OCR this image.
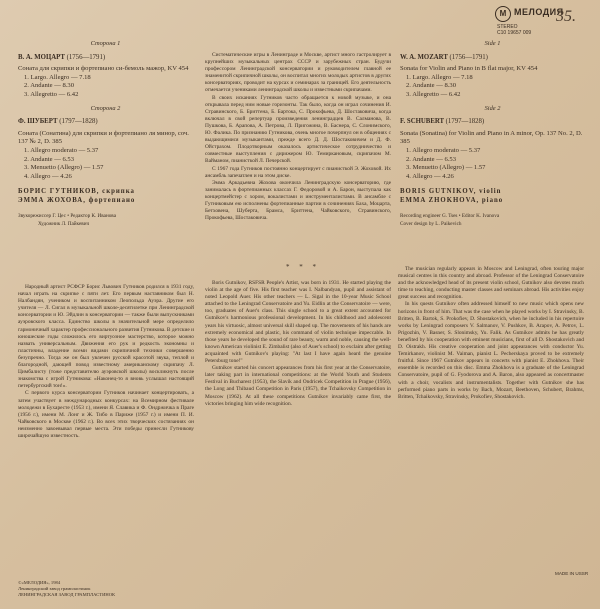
М МЕЛОДИЯ
STEREO
С10 19657 009
35.
Сторона 1
В. А. МОЦАРТ (1756—1791)
Соната для скрипки и фортепиано си-бемоль мажор, KV 454
1. Largo. Allegro — 7.18
2. Andante — 8.30
3. Allegretto — 6.42
Сторона 2
Ф. ШУБЕРТ (1797—1828)
Соната (Сонатина) для скрипки и фортепиано ля минор, соч. 137 № 2, D. 385
1. Allegro moderato — 5.37
2. Andante — 6.53
3. Menuetto (Allegro) — 1.57
4. Allegro — 4.26
БОРИС ГУТНИКОВ, скрипка
ЭММА ЖОХОВА, фортепиано
Звукорежиссер Г. Цес • Редактор К. Иванова
Художник Л. Пайкевич

Систематические игры в Ленинграде и Москве, артист много гастролирует в крупнейших музыкальных центрах СССР и зарубежных стран. Будучи профессором Ленинградской консерватории и руководителем главной ее знаменитой скрипичной школы, он воспитал многих молодых артистов в других консерваториях, проводит на курсах и семинарах за границей. Его деятельность отмечается учениками ленинградской школы и известными скрипачами.

В своих исканиях Гутников часто обращается к новой музыке, и она открывала перед ним новые горизонты. Так было, когда он играл сочинения И. Стравинского, Б. Бриттена, Б. Бартока, С. Прокофьева, Д. Шостаковича, когда включал в свой репертуар произведения ленинградцев В. Салманова, В. Пушкова, Б. Арапова, А. Петрова, Л. Пригожина, В. Баснера, С. Слонимского, Ю. Фалика. По признанию Гутникова, очень многое почерпнул он в общениях с выдающимися музыкантами, прежде всего Д. Д. Шостаковичем и Д. Ф. Ойстрахом. Плодотворным оказалось артистическое сотрудничество и совместные выступления с дирижером Ю. Темиркановым, скрипачом М. Вайманом, пианисткой Л. Печерской.

С 1967 года Гутников постоянно концертирует с пианисткой Э. Жоховой. Их ансамбль запечатлен и на этом диске.

Эмма Аркадьевна Жохова окончила Ленинградскую консерваторию, где занималась в фортепианных классах Г. Федоровой и А. Барон, выступала как концертмейстер с хором, вокалистами и инструменталистами. В ансамбле с Гутниковым ею исполнены фортепианные партии в сочинениях Баха, Моцарта, Бетховена, Шуберта, Брамса, Бриттена, Чайковского, Стравинского, Прокофьева, Шостаковича.

Side 1
W. A. MOZART (1756—1791)
Sonata for Violin and Piano in B flat major, KV 454
1. Largo. Allegro — 7.18
2. Andante — 8.30
3. Allegretto — 6.42
Side 2
F. SCHUBERT (1797—1828)
Sonata (Sonatina) for Violin and Piano in A minor, Op. 137 No. 2, D. 385
1. Allegro moderato — 5.37
2. Andante — 6.53
3. Menuetto (Allegro) — 1.57
4. Allegro — 4.26
BORIS GUTNIKOV, violin
EMMA ZHOKHOVA, piano
Recording engineer G. Tses • Editor K. Ivanova
Cover design by L. Paikevich

Народный артист РСФСР Борис Львович Гутников родился в 1931 году, начал играть на скрипке с пяти лет. Его первым наставником был Н. Налбандян, учеником и воспитанником Леопольда Ауэра. Другие его учителя — Л. Сигал в музыкальной школе-десятилетке при Ленинградской консерватории и Ю. Эйдлин в консерватории — также были выпускниками ауэровского класса. Единство школы в значительной мере определило гармоничный характер профессионального развития Гутникова. В детские и юношеские годы сложилось его виртуозное мастерство, которое можно назвать универсальным. Движения его рук и редкость экономны и пластичны, владение всеми видами скрипичной техники совершенно безупречно. Тогда же он был увлечен русской красотой звука, теплой и благородной, дающей повод известному американскому скрипачу Л. Цимбалисту (тоже представителю ауэровской школы) воскликнуть после знакомства с игрой Гутникова: «Наконец-то я вновь услышал настоящий петербургский тон!».

С первого курса консерватории Гутников начинает концертировать, а затем участвует в международных конкурсах: на Всемирном фестивале молодежи в Бухаресте (1953 г.), имени Я. Славика и Ф. Ондржичка в Праге (1956 г.), имени М. Лонг и Ж. Тибо в Париже (1957 г.) и имени П. И. Чайковского в Москве (1962 г.). Во всех этих творческих состязаниях он неизменно завоевывал первые места. Эти победы принесли Гутникову широчайшую известность.

* * *

Boris Gutnikov, RSFSR People's Artist, was born in 1931. He started playing the violin at the age of five. His first teacher was I. Nalbandyan, pupil and assistant of noted Leopold Auer. His other teachers — L. Sigal in the 10-year Music School attached to the Leningrad Conservatoire and Yu. Eidlin at the Conservatoire — were, too, graduates of Auer's class. This single school to a great extent accounted for Gutnikov's harmonious professional development. In his childhood and adolescent years his virtuosic, almost universal skill shaped up. The movements of his hands are extremely economical and plastic, his command of violin technique impeccable. In those years he developed the sound of rare beauty, warm and noble, causing the well-known American violinist E. Zimbalist (also of Auer's school) to exclaim after getting acquainted with Gutnikov's playing: "At last I have again heard the genuine Petersburg tone!"

Gutnikov started his concert appearances from his first year at the Conservatoire, later taking part in international competitions: at the World Youth and Students Festival in Bucharest (1953), the Slavik and Ondricek Competition in Prague (1956), the Long and Thibaud Competition in Paris (1957), the Tchaikovsky Competition in Moscow (1962). At all these competitions Gutnikov invariably came first, the victories bringing him wide recognition.

The musician regularly appears in Moscow and Leningrad, often touring major musical centres in this country and abroad. Professor of the Leningrad Conservatoire and the acknowledged head of its present violin school, Gutnikov also devotes much time to teaching, conducting master classes and seminars abroad. His activities enjoy great success and recognition.

In his quests Gutnikov often addressed himself to new music which opens new horizons in front of him. That was the case when he played works by I. Stravinsky, B. Britten, B. Bartok, S. Prokofiev, D. Shostakovich, when he included in his repertoire works by Leningrad composers V. Salmanov, V. Pushkov, B. Arapov, A. Petrov, L. Prigozhin, V. Basner, S. Slonimsky, Yu. Falik. As Gutnikov admits he has greatly benefited by his cooperation with eminent musicians, first of all D. Shostakovich and D. Oistrakh. His creative cooperation and joint appearances with conductor Yu. Temirkanov, violinist M. Vaiman, pianist L. Pecherskaya proved to be extremely fruitful. Since 1967 Gutnikov appears in concerts with pianist E. Zhokhova. Their ensemble is recorded on this disc. Emma Zhokhova is a graduate of the Leningrad Conservatoire, pupil of G. Fyodorova and A. Baron, also appeared as concertmaster with a choir, vocalists and instrumentalists. Together with Gutnikov she has performed piano parts in works by Bach, Mozart, Beethoven, Schubert, Brahms, Britten, Tchaikovsky, Stravinsky, Prokofiev, Shostakovich.

©«МЕЛОДИЯ», 1984
Ленинградский завод грампластинок
ЛЕНИНГРАДСКАЯ ЗАВОД ГРАМПЛАСТИНОК
MADE IN USSR
